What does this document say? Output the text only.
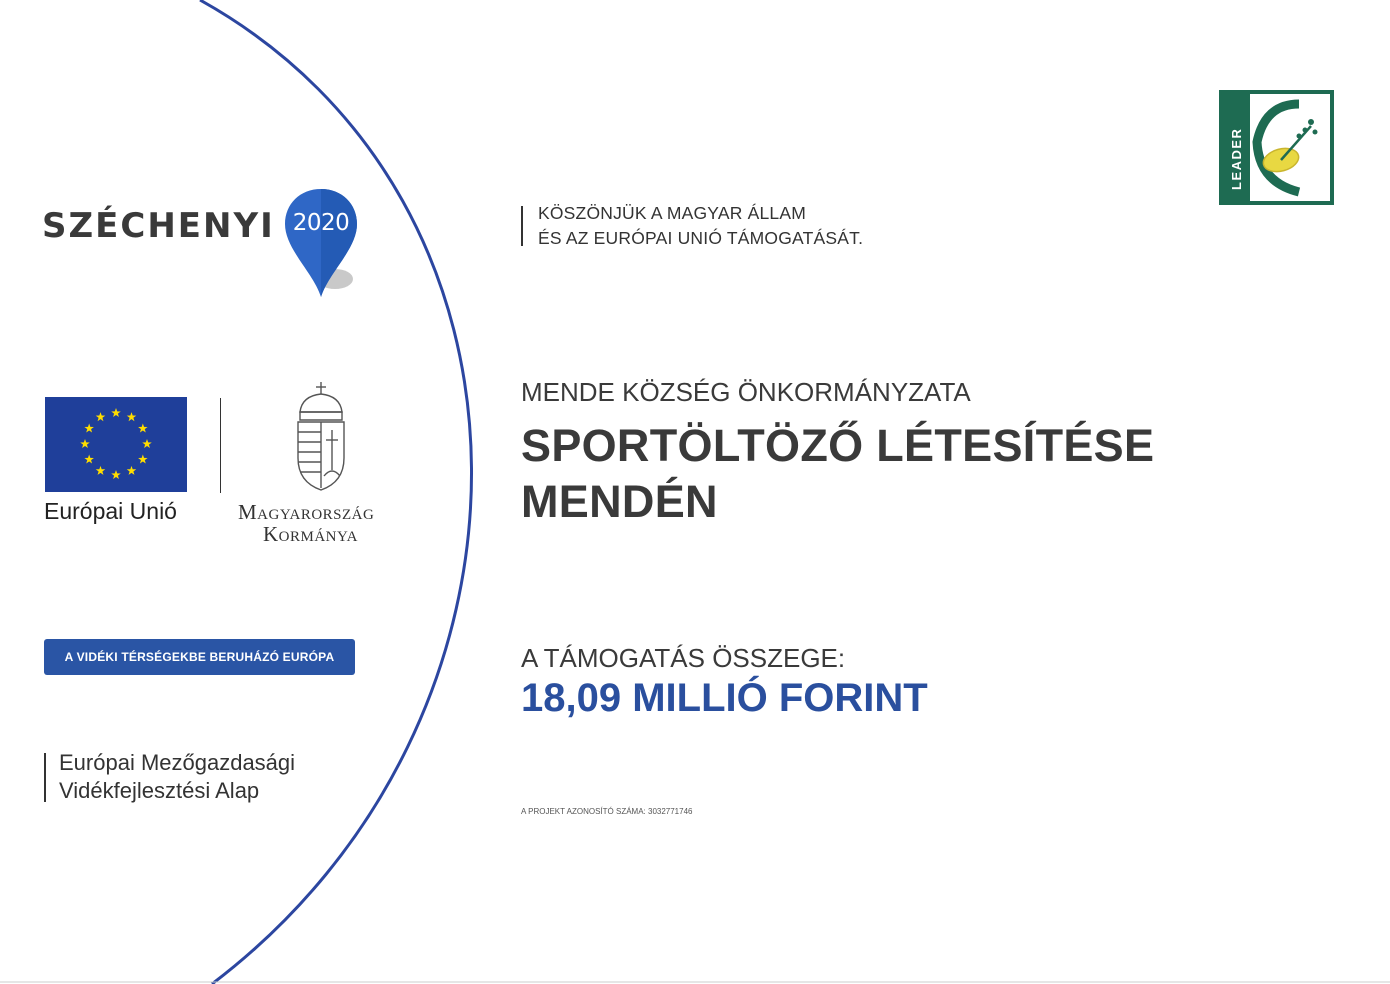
SZÉCHENYI 2020
Európai Unió	Magyarország
Kormánya
A VIDÉKI TÉRSÉGEKBE BERUHÁZÓ EURÓPA
Európai Mezőgazdasági
Vidékfejlesztési Alap
KÖSZÖNJÜK A MAGYAR ÁLLAM
ÉS AZ EURÓPAI UNIÓ TÁMOGATÁSÁT.
MENDE KÖZSÉG ÖNKORMÁNYZATA
SPORTÖLTÖZŐ LÉTESÍTÉSE
MENDÉN
A TÁMOGATÁS ÖSSZEGE:
18,09 MILLIÓ FORINT
A PROJEKT AZONOSÍTÓ SZÁMA: 3032771746
LEADER
